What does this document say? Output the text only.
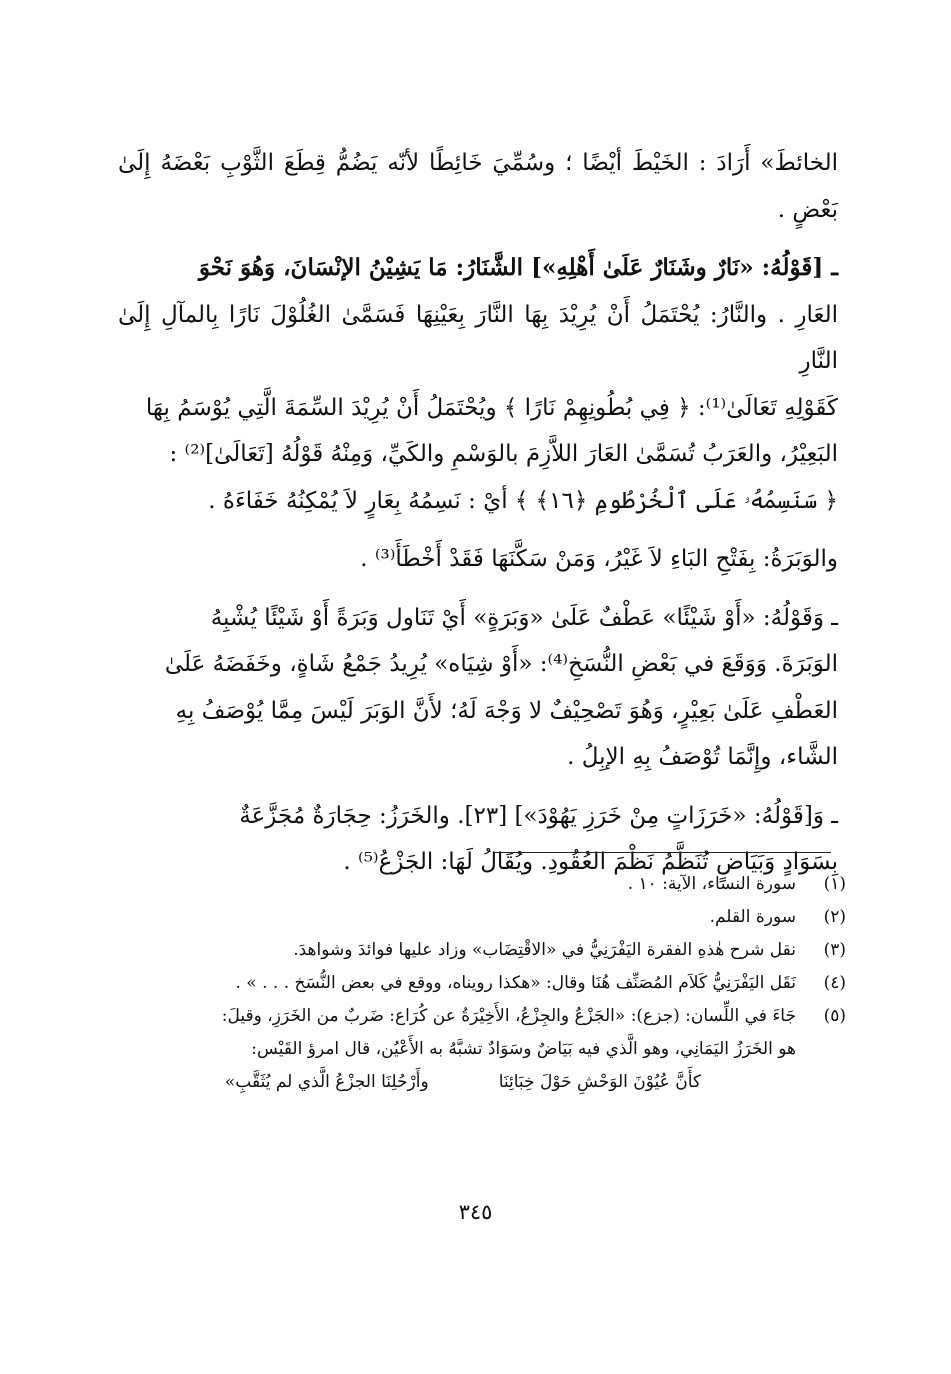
الخائطَ» أَرَادَ : الخَيْطَ أيْضًا ؛ وسُمِّيَ خَائِطًا لأنّه يَضُمُّ قِطَعَ الثَّوْبِ بَعْضَهُ إِلَىٰ بَعْضٍ .

ـ [قَوْلُهُ: «نَارٌ وشَنَارٌ عَلَىٰ أَهْلِهِ»] الشَّنَارُ: مَا يَشِيْنُ الإنْسَانَ، وَهُوَ نَحْوَ

العَارِ . والنَّارُ: يُحْتَمَلُ أَنْ يُرِيْدَ بِهَا النَّارَ بِعَيْنِهَا فَسَمَّىٰ الغُلُوْلَ نَارًا بِالمآلِ إِلَىٰ النَّارِ

كَقَوْلِهِ تَعَالَىٰ⁽¹⁾: ﴿ فِي بُطُونِهِمْ نَارًا ﴾ ويُحْتَمَلُ أَنْ يُرِيْدَ السِّمَةَ الَّتِي يُوْسَمُ بِهَا

البَعِيْرُ، والعَرَبُ تُسَمَّىٰ العَارَ اللاَّزِمَ بالوَسْمِ والكَيِّ، وَمِنْهُ قَوْلُهُ [تَعَالَىٰ]⁽²⁾ :

﴿ سَنَسِمُهُۥ عَلَى ٱلْخُرْطُومِ ﴿١٦﴾ ﴾ أيْ : نَسِمُهُ بِعَارٍ لاَ يُمْكِنُهُ خَفَاءَهُ .

والوَبَرَةُ: بِفَتْحِ البَاءِ لاَ غَيْرُ، وَمَنْ سَكَّنَهَا فَقَدْ أَخْطَأَ⁽³⁾ .

ـ وَقَوْلُهُ: «أَوْ شَيْئًا» عَطْفٌ عَلَىٰ «وَبَرَةٍ» أَيْ تَنَاول وَبَرَةً أَوْ شَيْئًا يُشْبِهُ

الوَبَرَةَ. وَوَقَعَ في بَعْضِ النُّسَخِ⁽⁴⁾: «أَوْ شِيَاه» يُرِيدُ جَمْعُ شَاةٍ، وخَفَضَهُ عَلَىٰ

العَطْفِ عَلَىٰ بَعِيْرٍ، وَهُوَ تَصْحِيْفٌ لا وَجْهَ لَهُ؛ لأَنَّ الوَبَرَ لَيْسَ مِمَّا يُوْصَفُ بِهِ

الشَّاء، وإِنَّمَا تُوْصَفُ بِهِ الإبِلُ .

ـ وَ[قَوْلُهُ: «خَرَزَاتٍ مِنْ خَرَزِ يَهُوْدَ»] [٢٣]. والخَرَزُ: حِجَارَةٌ مُجَزَّعَةٌ

بِسَوَادٍ وَبَيَاضٍ تُنَظَّمُ نَظْمَ العُقُودِ. ويُقَالُ لَهَا: الجَزْعُ⁽⁵⁾ .

(١)
سورة النساء، الآية: ١٠ .
(٢)
سورة القلم.
(٣)
نقل شرح هٰذهِ الفقرة اليَفْرَنِيُّ في «الاقْتِضَاب» وزاد عليها فوائدَ وشواهدَ.
(٤)
نَقَل اليَفْرَنِيُّ كَلاَم المُصَنِّف هُنَا وقال: «هكذا رويناه، ووقع في بعض النُّسَخ . . . » .
(٥)
جَاءَ في اللِّسان: (جزع): «الجَزْعُ والجِزْعُ، الأَخِيْرَةُ عن كُرَاع: ضَربٌ من الخَرَزِ، وقيلَ:
هو الخَرَزُ اليَمَانِي، وهو الَّذي فيه بَيَاضٌ وسَوَادٌ تشبَّهُ به الأَعْيُن، قال امرؤ القَيْس:
كأَنَّ عُيُوْنَ الوَحْشِ حَوْلَ خِبَائِنَاوأَرْحُلِنَا الجزْعُ الَّذي لم يُثَقَّبِ»
٣٤٥
